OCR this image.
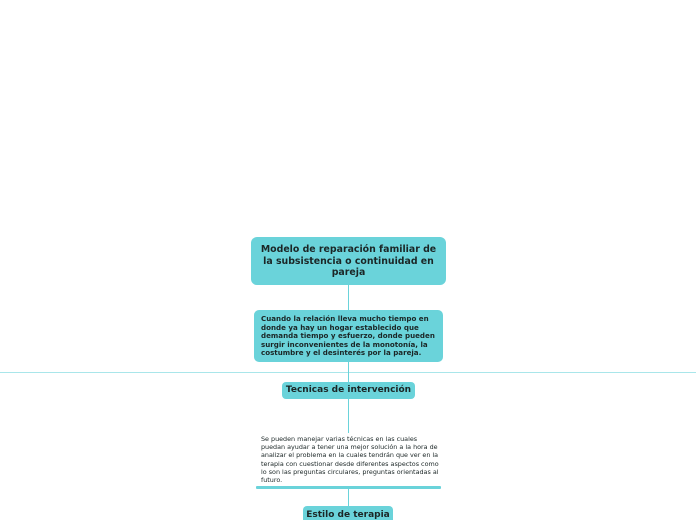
Modelo de reparación familiar de la subsistencia o continuidad en pareja
Cuando la relación lleva mucho tiempo en donde ya hay un hogar establecido que demanda tiempo y esfuerzo, donde pueden surgir inconvenientes de la monotonía, la costumbre y el desinterés por la pareja.
Tecnicas de intervención
Se pueden manejar varias técnicas en las cuales puedan ayudar a tener una mejor solución a la hora de analizar el problema en la cuales tendrán que ver en la terapia con cuestionar desde diferentes aspectos como lo son las preguntas circulares, preguntas orientadas al futuro.
Estilo de terapia
